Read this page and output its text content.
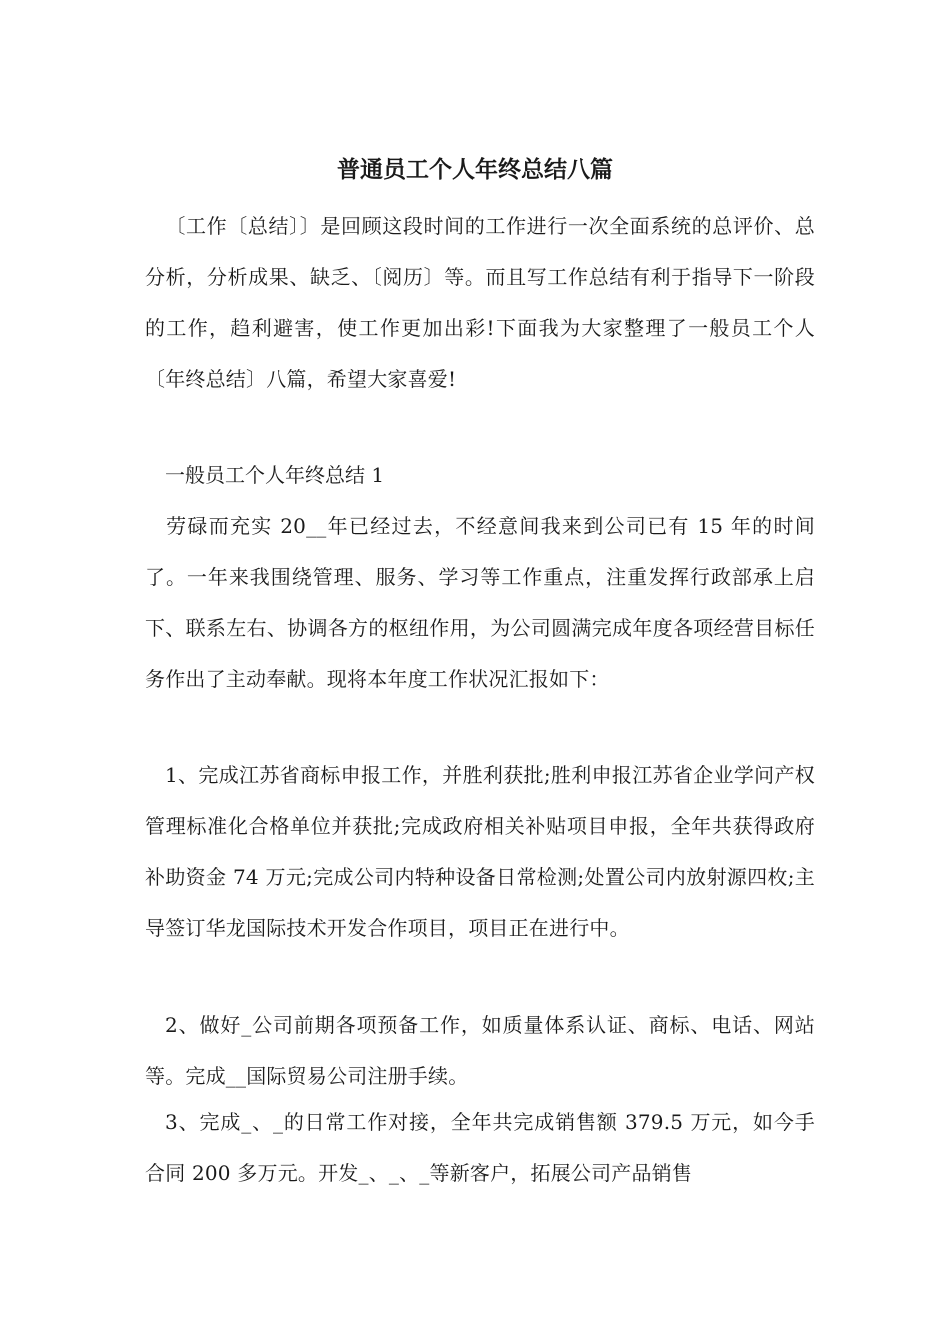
普通员工个人年终总结八篇
〔工作〔总结〕〕是回顾这段时间的工作进行一次全面系统的总评价、总分析，分析成果、缺乏、〔阅历〕等。而且写工作总结有利于指导下一阶段的工作，趋利避害，使工作更加出彩!下面我为大家整理了一般员工个人〔年终总结〕八篇，希望大家喜爱!
一般员工个人年终总结 1
劳碌而充实 20__年已经过去，不经意间我来到公司已有 15 年的时间了。一年来我围绕管理、服务、学习等工作重点，注重发挥行政部承上启下、联系左右、协调各方的枢纽作用，为公司圆满完成年度各项经营目标任务作出了主动奉献。现将本年度工作状况汇报如下：
1、完成江苏省商标申报工作，并胜利获批;胜利申报江苏省企业学问产权管理标准化合格单位并获批;完成政府相关补贴项目申报，全年共获得政府补助资金 74 万元;完成公司内特种设备日常检测;处置公司内放射源四枚;主导签订华龙国际技术开发合作项目，项目正在进行中。
2、做好_公司前期各项预备工作，如质量体系认证、商标、电话、网站等。完成__国际贸易公司注册手续。
3、完成_、_的日常工作对接，全年共完成销售额 379.5 万元，如今手合同 200 多万元。开发_、_、_等新客户，拓展公司产品销售
